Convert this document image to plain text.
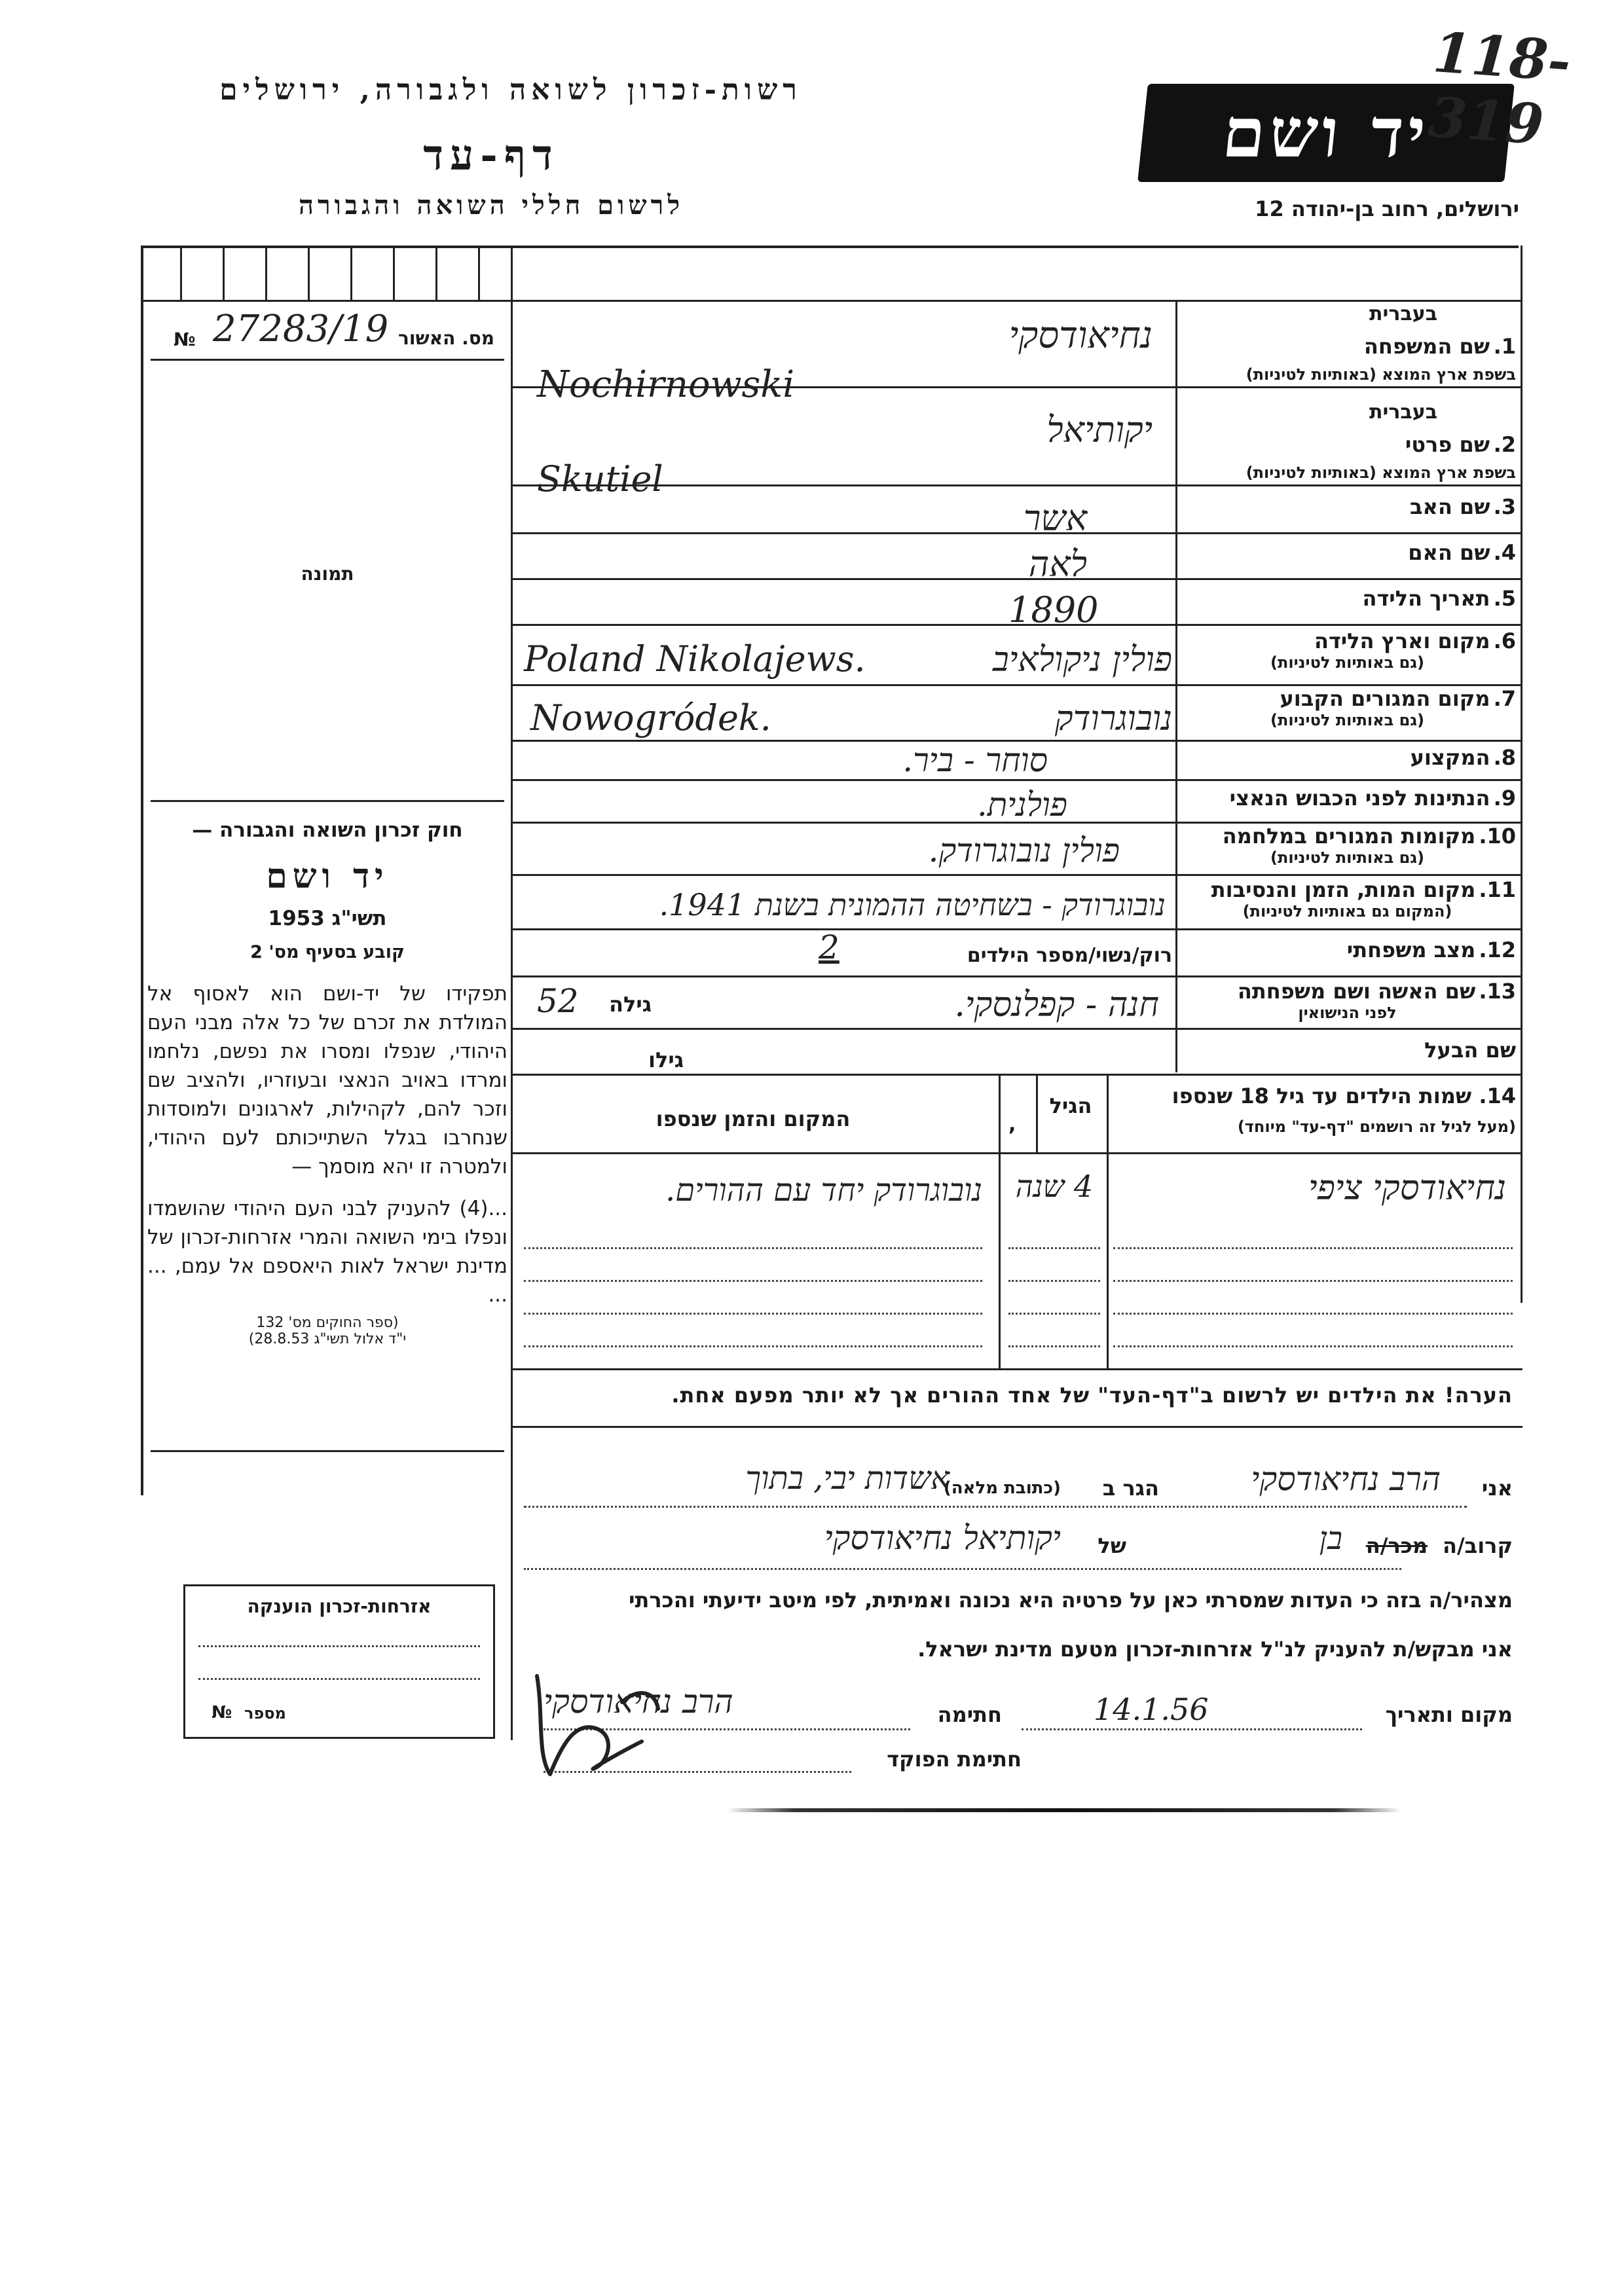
רשות-זכרון לשואה ולגבורה, ירושלים
דף-עד
לרשום חללי השואה והגבורה
יד ושם
118-319
ירושלים, רחוב בן-יהודה 12
№ 27283/19 מס. האשור
תמונה
חוק זכרון השואה והגבורה —
יד ושם
תשי"ג 1953
קובע בסעיף מס' 2
תפקידו של יד-ושם הוא לאסוף אל המולדת את זכרם של כל אלה מבני העם היהודי, שנפלו ומסרו את נפשם, נלחמו ומרדו באויב הנאצי ובעוזריו, ולהציב שם וזכר להם, לקהילות, לארגונים ולמוסדות שנחרבו בגלל השתייכותם לעם היהודי, ולמטרה זו יהא מוסמך —
...(4) להעניק לבני העם היהודי שהושמדו ונפלו בימי השואה והמרי אזרחות-זכרון של מדינת ישראל לאות היאספם אל עמם, ... ...
(ספר החוקים מס' 132
י"ד אלול תשי"ג 28.8.53)
אזרחות-זכרון הוענקה
№ מספר
בעברית
1.
שם המשפחה
בשפת ארץ המוצא (באותיות לטיניות)
נחיאודסקי
Nochirnowski
בעברית
2.
שם פרטי
בשפת ארץ המוצא (באותיות לטיניות)
יקותיאל
Skutiel
3. שם האב
אשר
4. שם האם
לאה
5. תאריך הלידה
1890
6. מקום וארץ הלידה
(גם באותיות לטיניות)
Poland Nikolajews.	פולין ניקולאיב
7. מקום המגורים הקבוע
(גם באותיות לטיניות)
Nowogródek.	נובוגרודק
8. המקצוע
סוחר - ביר.
9. הנתינות לפני הכבוש הנאצי
פולנית.
10. מקומות המגורים במלחמה
(גם באותיות לטיניות)
פולין נובוגרודק.
11. מקום המות, הזמן והנסיבות
(המקום גם באותיות לטיניות)
נובוגרודק - בשחיטה ההמונית בשנת 1941.
12. מצב משפחתי
רוק/נשוי/מספר הילדים
2
13. שם האשה ושם משפחתה
לפני הנישואין
חנה - קפלנסקי.
גילה
52
שם הבעל
גילו
14. שמות הילדים עד גיל 18 שנספו
(מעל לגיל זה רושמים "דף-עד" מיוחד)
הגיל
,
המקום והזמן שנספו
נחיאודסקי ציפי
4 שנה
נובוגרודק יחד עם ההורים.
הערה! את הילדים יש לרשום ב"דף-העד" של אחד ההורים אך לא יותר מפעם אחת.
אני
הרב נחיאודסקי
הגר ב
(כתובת מלאה)
אשדות יבי, בתוך
קרוב/ה
מכר/ה
בן
של
יקותיאל נחיאודסקי
מצהיר/ה בזה כי העדות שמסרתי כאן על פרטיה היא נכונה ואמיתית, לפי מיטב ידיעתי והכרתי
אני מבקש/ת להעניק לנ"ל אזרחות-זכרון מטעם מדינת ישראל.
מקום ותאריך
14.1.56
חתימה
הרב נחיאודסקי
חתימת הפוקד
